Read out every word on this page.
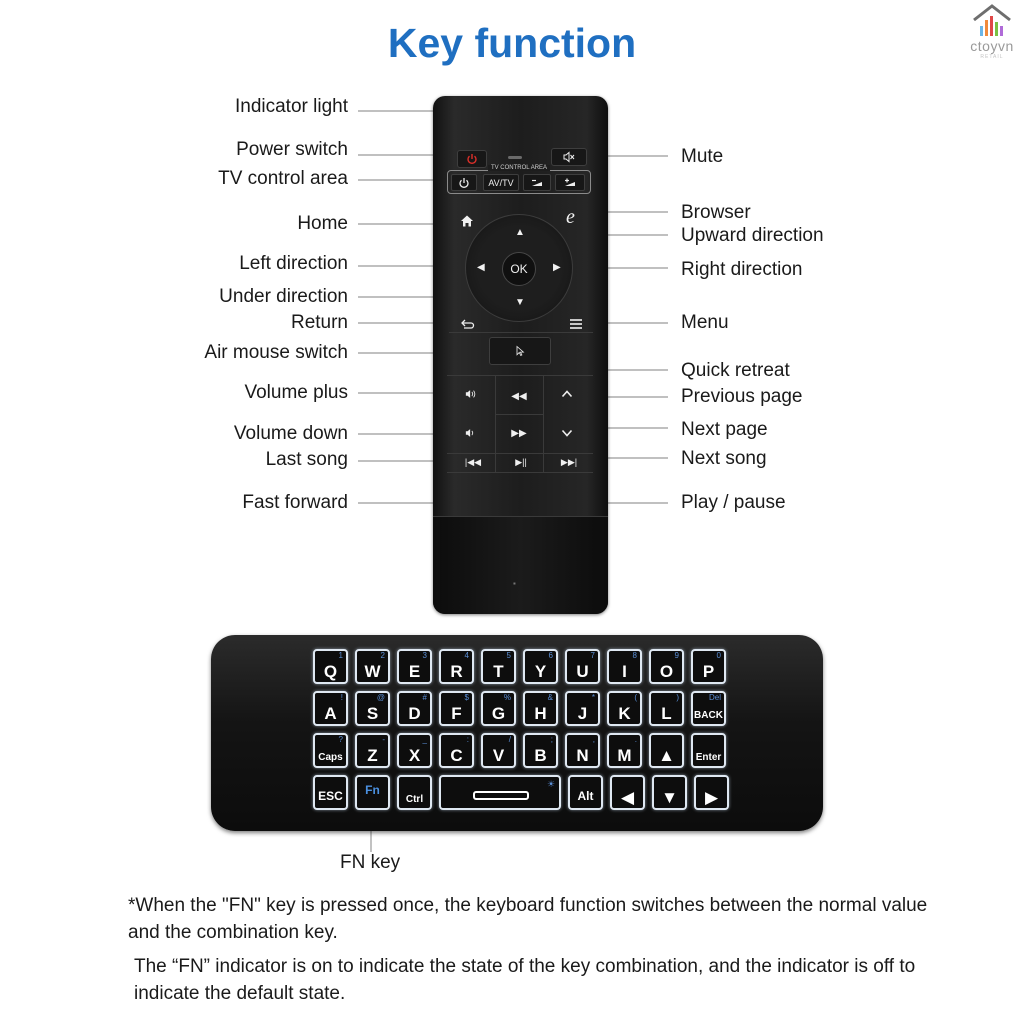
Key function	ctoyvn
RETAIL
TV CONTROL AREA
AV/TV
e
▲
▼
◀	▶
OK
◀◀
▶▶
|◀◀	▶||	▶▶|
▪
Indicator light
Power switch
TV control area
Home
Left direction
Under direction
Return
Air mouse switch
Volume plus
Volume down
Last song
Fast forward
Mute
Browser
Upward direction
Right direction
Menu
Quick retreat
Previous page
Next page
Next song
Play / pause
FN key
*When the "FN" key is pressed once, the keyboard function switches between the normal value and the combination key.
The “FN” indicator is on to indicate the state of the key combination, and the indicator is off to indicate the default state.
Q
1
W
2
E
3
R
4
T
5
Y
6
U
7
I
8
O
9
P
0
A
!
S
@
D
#
F
$
G
%
H
&
J
*
K
(
L
)
BACK
Del
Caps
?
Z
-
X
_
C
:
V
/
B
;
N
,
M
.
▲	Enter
ESC	Fn
Ctrl
☀
Alt	◀	▼	▶
